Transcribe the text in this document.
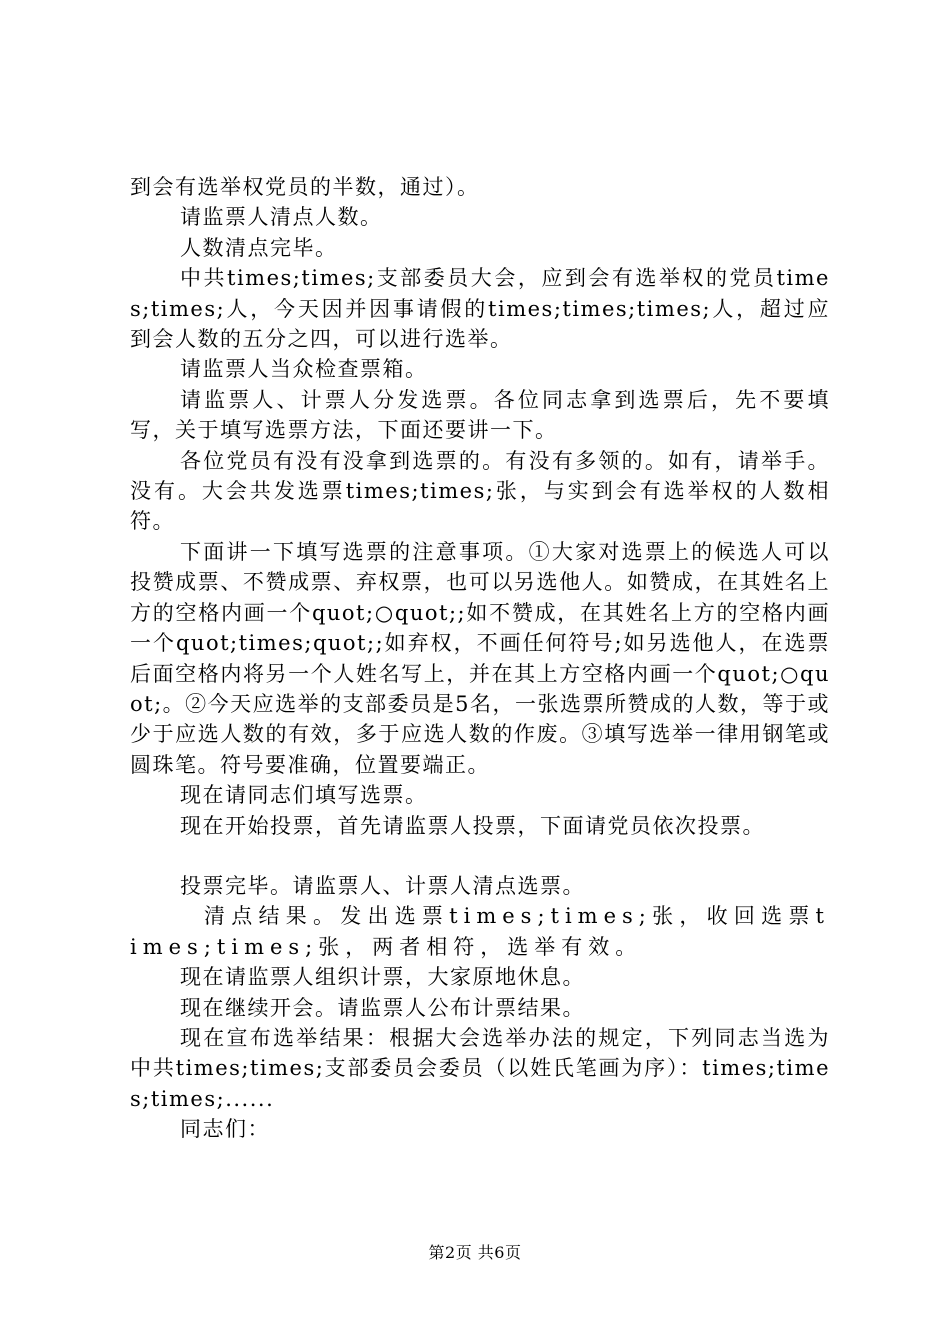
到会有选举权党员的半数，通过）。

请监票人清点人数。

人数清点完毕。

中共times;times;支部委员大会，应到会有选举权的党员times;times;人，今天因并因事请假的times;times;times;人，超过应到会人数的五分之四，可以进行选举。

请监票人当众检查票箱。

请监票人、计票人分发选票。各位同志拿到选票后，先不要填写，关于填写选票方法，下面还要讲一下。

各位党员有没有没拿到选票的。有没有多领的。如有，请举手。没有。大会共发选票times;times;张，与实到会有选举权的人数相符。

下面讲一下填写选票的注意事项。①大家对选票上的候选人可以投赞成票、不赞成票、弃权票，也可以另选他人。如赞成，在其姓名上方的空格内画一个quot;○quot;;如不赞成，在其姓名上方的空格内画一个quot;times;quot;;如弃权，不画任何符号;如另选他人，在选票后面空格内将另一个人姓名写上，并在其上方空格内画一个quot;○quot;。②今天应选举的支部委员是5名，一张选票所赞成的人数，等于或少于应选人数的有效，多于应选人数的作废。③填写选举一律用钢笔或圆珠笔。符号要准确，位置要端正。

现在请同志们填写选票。

现在开始投票，首先请监票人投票，下面请党员依次投票。

投票完毕。请监票人、计票人清点选票。

清点结果。发出选票times;times;张，收回选票times;times;张，两者相符，选举有效。

现在请监票人组织计票，大家原地休息。

现在继续开会。请监票人公布计票结果。

现在宣布选举结果：根据大会选举办法的规定，下列同志当选为中共times;times;支部委员会委员（以姓氏笔画为序）：times;times;times;......

同志们：

第2页 共6页
